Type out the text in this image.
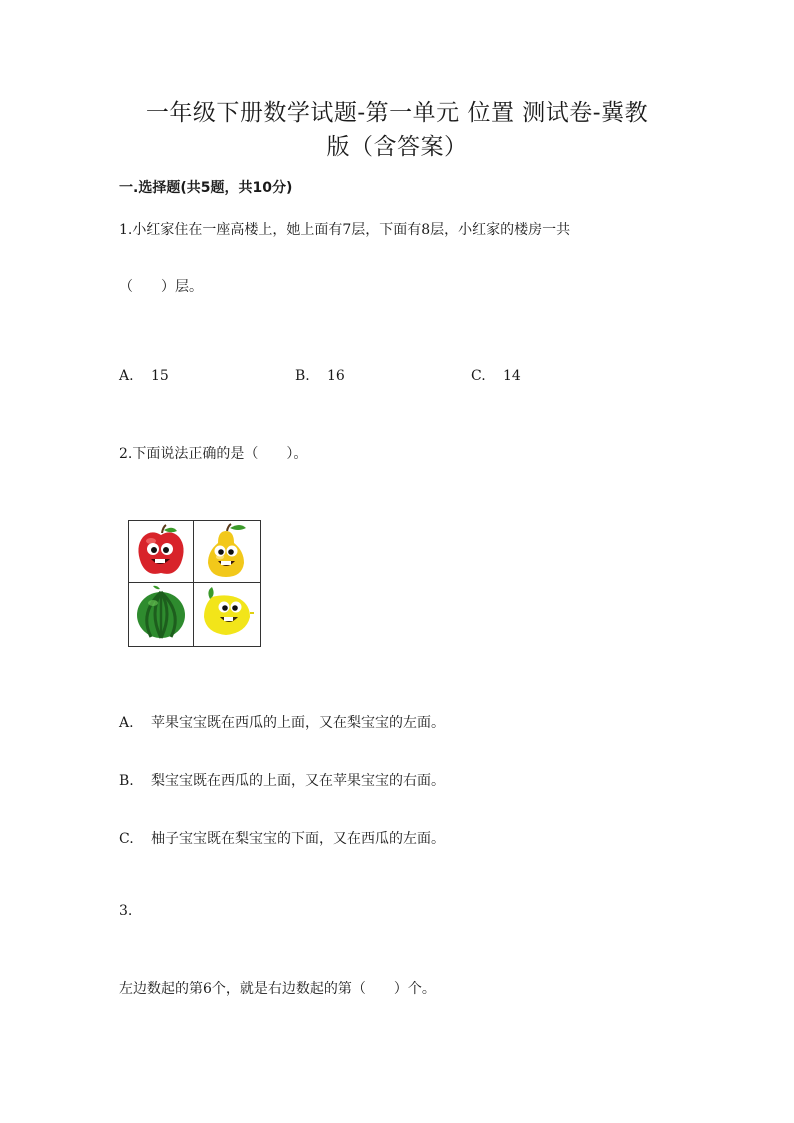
一年级下册数学试题-第一单元 位置 测试卷-冀教
版（含答案）
一.选择题(共5题，共10分)
1.小红家住在一座高楼上，她上面有7层，下面有8层，小红家的楼房一共
（　　）层。
A. 15	B. 16	C. 14
2.下面说法正确的是（　　）。
A. 苹果宝宝既在西瓜的上面，又在梨宝宝的左面。
B. 梨宝宝既在西瓜的上面，又在苹果宝宝的右面。
C. 柚子宝宝既在梨宝宝的下面，又在西瓜的左面。
3.
左边数起的第6个，就是右边数起的第（　　）个。
